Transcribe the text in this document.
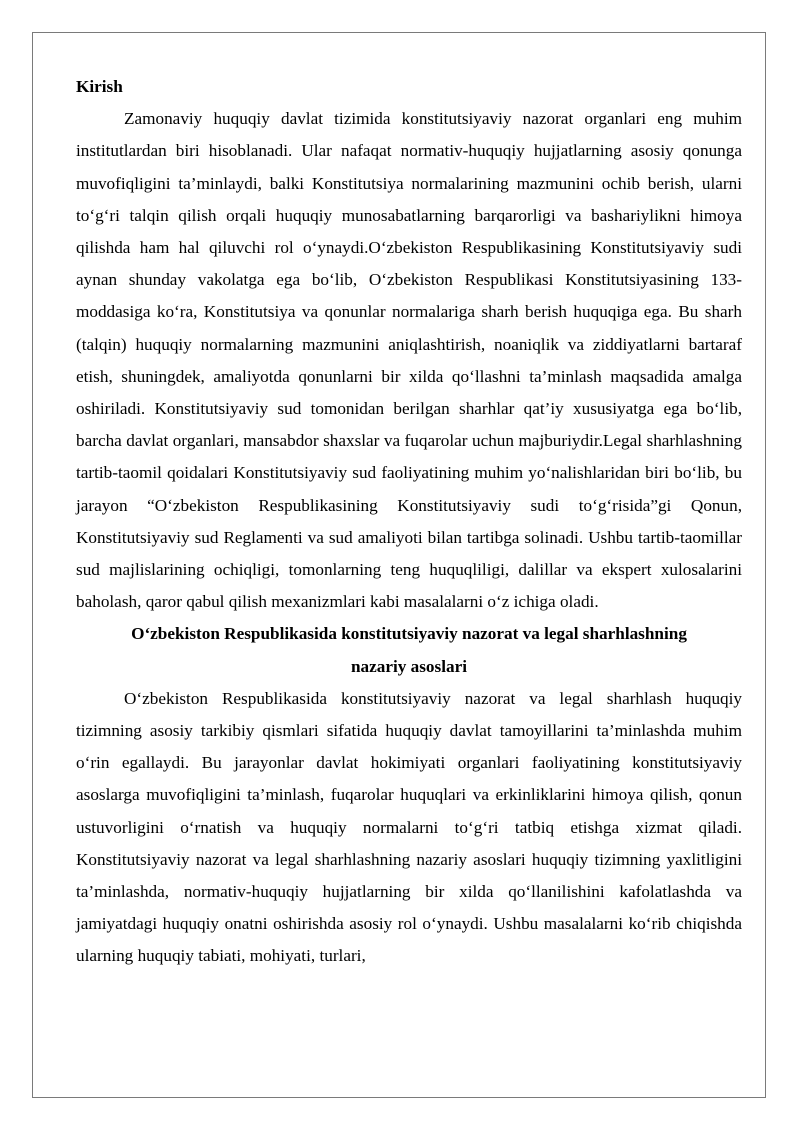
Kirish

Zamonaviy huquqiy davlat tizimida konstitutsiyaviy nazorat organlari eng muhim institutlardan biri hisoblanadi. Ular nafaqat normativ-huquqiy hujjatlarning asosiy qonunga muvofiqligini ta’minlaydi, balki Konstitutsiya normalarining mazmunini ochib berish, ularni to‘g‘ri talqin qilish orqali huquqiy munosabatlarning barqarorligi va bashariylikni himoya qilishda ham hal qiluvchi rol o‘ynaydi.O‘zbekiston Respublikasining Konstitutsiyaviy sudi aynan shunday vakolatga ega bo‘lib, O‘zbekiston Respublikasi Konstitutsiyasining 133-moddasiga ko‘ra, Konstitutsiya va qonunlar normalariga sharh berish huquqiga ega. Bu sharh (talqin) huquqiy normalarning mazmunini aniqlashtirish, noaniqlik va ziddiyatlarni bartaraf etish, shuningdek, amaliyotda qonunlarni bir xilda qo‘llashni ta’minlash maqsadida amalga oshiriladi. Konstitutsiyaviy sud tomonidan berilgan sharhlar qat’iy xususiyatga ega bo‘lib, barcha davlat organlari, mansabdor shaxslar va fuqarolar uchun majburiydir.Legal sharhlashning tartib-taomil qoidalari Konstitutsiyaviy sud faoliyatining muhim yo‘nalishlaridan biri bo‘lib, bu jarayon “O‘zbekiston Respublikasining Konstitutsiyaviy sudi to‘g‘risida”gi Qonun, Konstitutsiyaviy sud Reglamenti va sud amaliyoti bilan tartibga solinadi. Ushbu tartib-taomillar sud majlislarining ochiqligi, tomonlarning teng huquqliligi, dalillar va ekspert xulosalarini baholash, qaror qabul qilish mexanizmlari kabi masalalarni o‘z ichiga oladi.

O‘zbekiston Respublikasida konstitutsiyaviy nazorat va legal sharhlashning
nazariy asoslari

O‘zbekiston Respublikasida konstitutsiyaviy nazorat va legal sharhlash huquqiy tizimning asosiy tarkibiy qismlari sifatida huquqiy davlat tamoyillarini ta’minlashda muhim o‘rin egallaydi. Bu jarayonlar davlat hokimiyati organlari faoliyatining konstitutsiyaviy asoslarga muvofiqligini ta’minlash, fuqarolar huquqlari va erkinliklarini himoya qilish, qonun ustuvorligini o‘rnatish va huquqiy normalarni to‘g‘ri tatbiq etishga xizmat qiladi. Konstitutsiyaviy nazorat va legal sharhlashning nazariy asoslari huquqiy tizimning yaxlitligini ta’minlashda, normativ-huquqiy hujjatlarning bir xilda qo‘llanilishini kafolatlashda va jamiyatdagi huquqiy onatni oshirishda asosiy rol o‘ynaydi. Ushbu masalalarni ko‘rib chiqishda ularning huquqiy tabiati, mohiyati, turlari,
